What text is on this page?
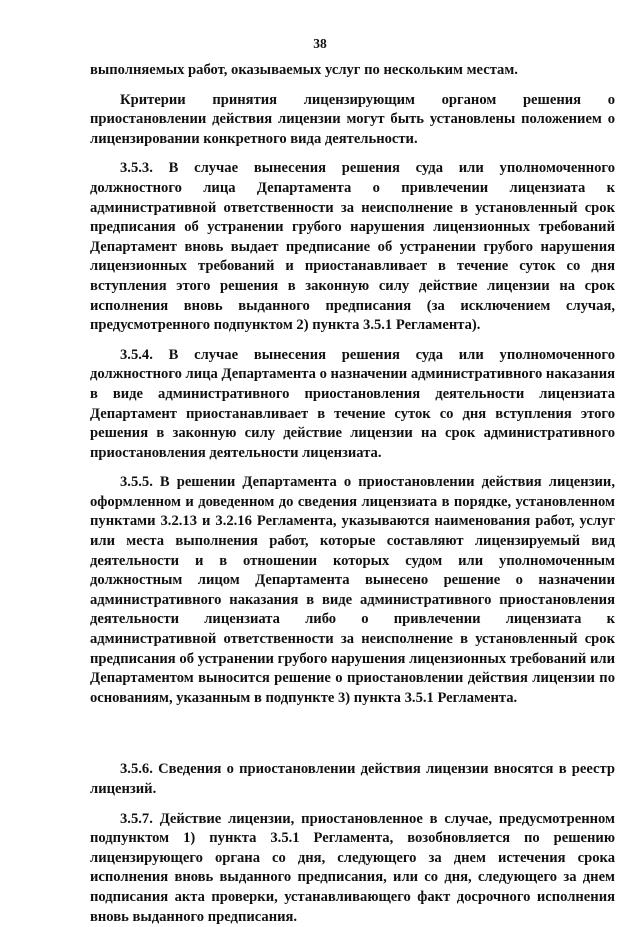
38

выполняемых работ, оказываемых услуг по нескольким местам.

Критерии принятия лицензирующим органом решения о приостановлении действия лицензии могут быть установлены положением о лицензировании конкретного вида деятельности.

3.5.3. В случае вынесения решения суда или уполномоченного должностного лица Департамента о привлечении лицензиата к административной ответственности за неисполнение в установленный срок предписания об устранении грубого нарушения лицензионных требований Департамент вновь выдает предписание об устранении грубого нарушения лицензионных требований и приостанавливает в течение суток со дня вступления этого решения в законную силу действие лицензии на срок исполнения вновь выданного предписания (за исключением случая, предусмотренного подпунктом 2) пункта 3.5.1 Регламента).

3.5.4. В случае вынесения решения суда или уполномоченного должностного лица Департамента о назначении административного наказания в виде административного приостановления деятельности лицензиата Департамент приостанавливает в течение суток со дня вступления этого решения в законную силу действие лицензии на срок административного приостановления деятельности лицензиата.

3.5.5. В решении Департамента о приостановлении действия лицензии, оформленном и доведенном до сведения лицензиата в порядке, установленном пунктами 3.2.13 и 3.2.16 Регламента, указываются наименования работ, услуг или места выполнения работ, которые составляют лицензируемый вид деятельности и в отношении которых судом или уполномоченным должностным лицом Департамента вынесено решение о назначении административного наказания в виде административного приостановления деятельности лицензиата либо о привлечении лицензиата к административной ответственности за неисполнение в установленный срок предписания об устранении грубого нарушения лицензионных требований или Департаментом выносится решение о приостановлении действия лицензии по основаниям, указанным в подпункте 3) пункта 3.5.1 Регламента.

3.5.6. Сведения о приостановлении действия лицензии вносятся в реестр лицензий.

3.5.7. Действие лицензии, приостановленное в случае, предусмотренном подпунктом 1) пункта 3.5.1 Регламента, возобновляется по решению лицензирующего органа со дня, следующего за днем истечения срока исполнения вновь выданного предписания, или со дня, следующего за днем подписания акта проверки, устанавливающего факт досрочного исполнения вновь выданного предписания.
